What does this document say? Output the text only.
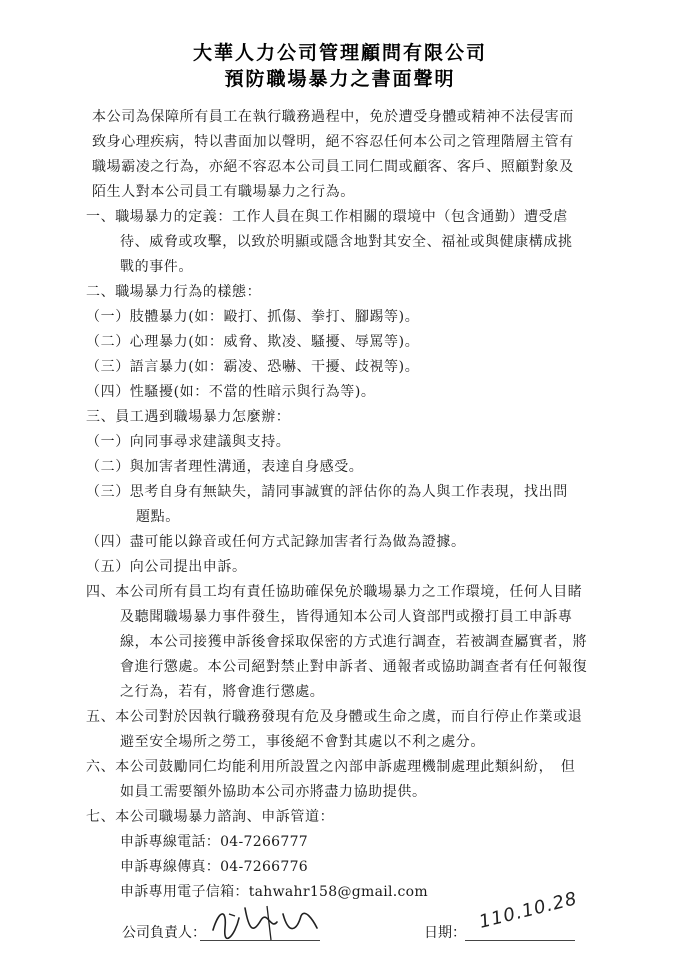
大華人力公司管理顧問有限公司
預防職場暴力之書面聲明
本公司為保障所有員工在執行職務過程中，免於遭受身體或精神不法侵害而
致身心理疾病，特以書面加以聲明，絕不容忍任何本公司之管理階層主管有
職場霸凌之行為，亦絕不容忍本公司員工同仁間或顧客、客戶、照顧對象及
陌生人對本公司員工有職場暴力之行為。
一、職場暴力的定義：工作人員在與工作相關的環境中（包含通勤）遭受虐
待、威脅或攻擊，以致於明顯或隱含地對其安全、福祉或與健康構成挑
戰的事件。
二、職場暴力行為的樣態：
（一）肢體暴力(如：毆打、抓傷、拳打、腳踢等)。
（二）心理暴力(如：威脅、欺凌、騷擾、辱罵等)。
（三）語言暴力(如：霸凌、恐嚇、干擾、歧視等)。
（四）性騷擾(如：不當的性暗示與行為等)。
三、員工遇到職場暴力怎麼辦：
（一）向同事尋求建議與支持。
（二）與加害者理性溝通，表達自身感受。
（三）思考自身有無缺失，請同事誠實的評估你的為人與工作表現，找出問
題點。
（四）盡可能以錄音或任何方式記錄加害者行為做為證據。
（五）向公司提出申訴。
四、本公司所有員工均有責任協助確保免於職場暴力之工作環境，任何人目睹
及聽聞職場暴力事件發生，皆得通知本公司人資部門或撥打員工申訴專
線，本公司接獲申訴後會採取保密的方式進行調查，若被調查屬實者，將
會進行懲處。本公司絕對禁止對申訴者、通報者或協助調查者有任何報復
之行為，若有，將會進行懲處。
五、本公司對於因執行職務發現有危及身體或生命之虞，而自行停止作業或退
避至安全場所之勞工，事後絕不會對其處以不利之處分。
六、本公司鼓勵同仁均能利用所設置之內部申訴處理機制處理此類糾紛，　但
如員工需要額外協助本公司亦將盡力協助提供。
七、本公司職場暴力諮詢、申訴管道：
申訴專線電話：04-7266777
申訴專線傳真：04-7266776
申訴專用電子信箱：tahwahr158@gmail.com
公司負責人：	日期：
110.10.28
